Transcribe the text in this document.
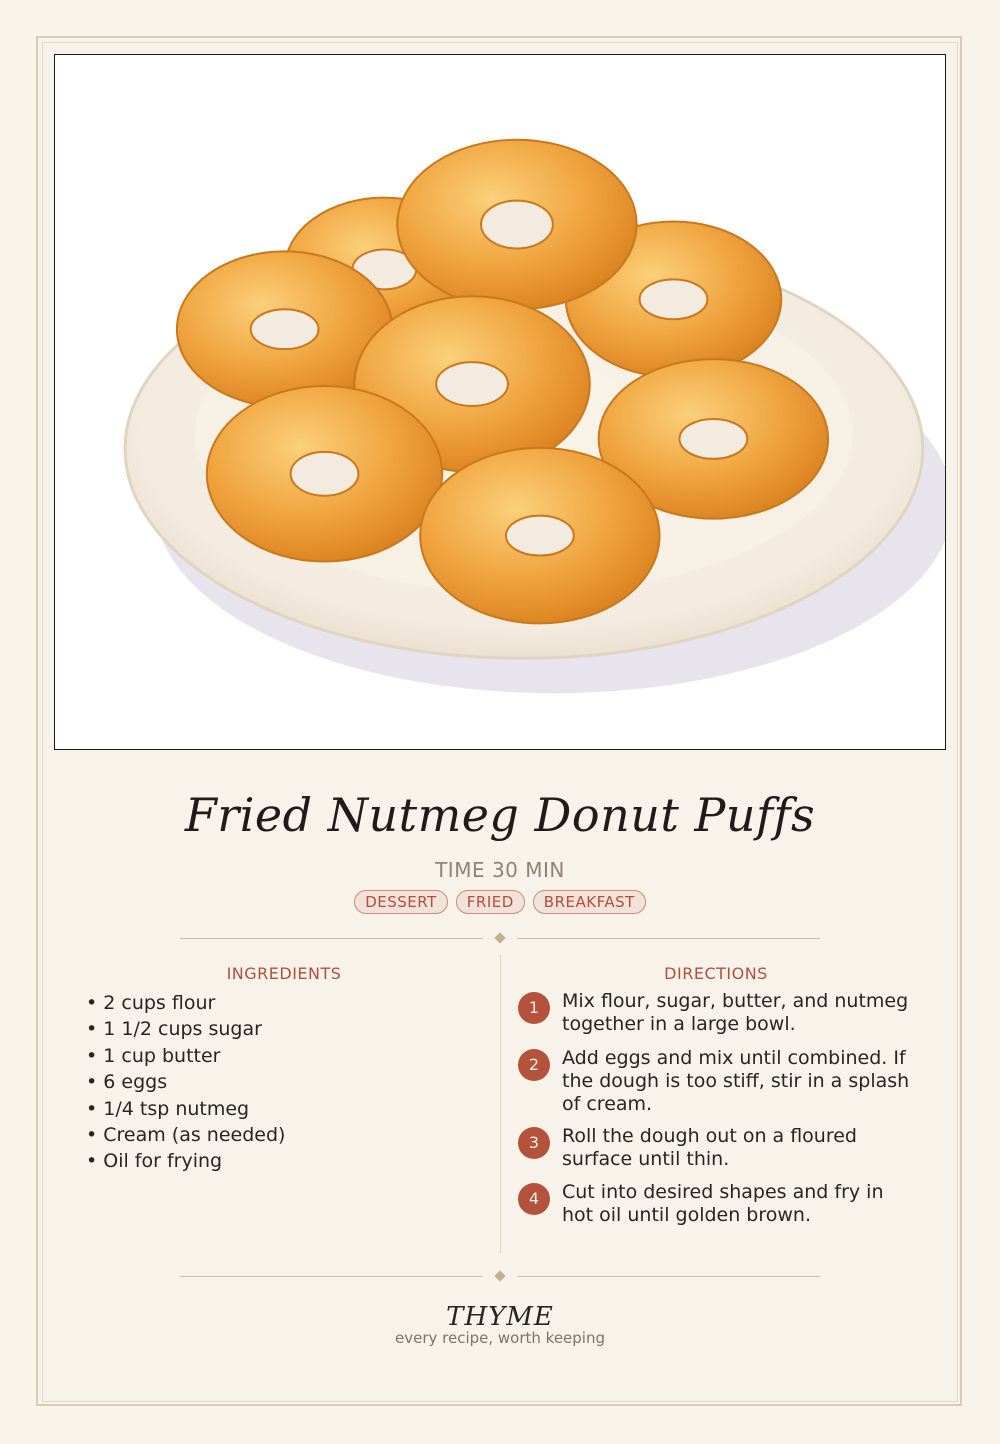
Fried Nutmeg Donut Puffs
TIME 30 MIN
DESSERT	FRIED	BREAKFAST
INGREDIENTS
• 2 cups flour
• 1 1/2 cups sugar
• 1 cup butter
• 6 eggs
• 1/4 tsp nutmeg
• Cream (as needed)
• Oil for frying
DIRECTIONS
1	Mix flour, sugar, butter, and nutmeg together in a large bowl.
2	Add eggs and mix until combined. If the dough is too stiff, stir in a splash of cream.
3	Roll the dough out on a floured surface until thin.
4	Cut into desired shapes and fry in hot oil until golden brown.
THYME
every recipe, worth keeping
